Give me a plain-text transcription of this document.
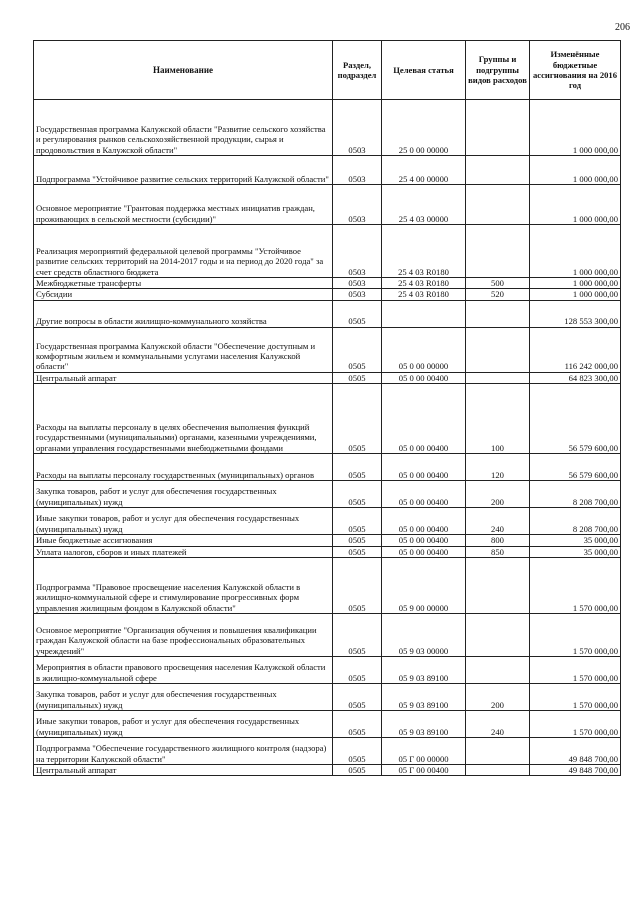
206
Наименование	Раздел, подраздел	Целевая статья	Группы и подгруппы видов расходов	Изменённые бюджетные ассигнования на 2016 год
Государственная программа Калужской области "Развитие сельского хозяйства и регулирования рынков сельскохозяйственной продукции, сырья и продовольствия в Калужской области"	0503	25 0 00 00000		1 000 000,00
Подпрограмма "Устойчивое развитие сельских территорий Калужской области"	0503	25 4 00 00000		1 000 000,00
Основное мероприятие "Грантовая поддержка местных инициатив граждан, проживающих в сельской местности (субсидии)"	0503	25 4 03 00000		1 000 000,00
Реализация мероприятий федеральной целевой программы "Устойчивое развитие сельских территорий на 2014-2017 годы и на период до 2020 года" за счет средств областного бюджета	0503	25 4 03 R0180		1 000 000,00
Межбюджетные трансферты	0503	25 4 03 R0180	500	1 000 000,00
Субсидии	0503	25 4 03 R0180	520	1 000 000,00
Другие вопросы в области жилищно-коммунального хозяйства	0505			128 553 300,00
Государственная программа Калужской области "Обеспечение доступным и комфортным жильем и коммунальными услугами населения Калужской области"	0505	05 0 00 00000		116 242 000,00
Центральный аппарат	0505	05 0 00 00400		64 823 300,00
Расходы на выплаты персоналу в целях обеспечения выполнения функций государственными (муниципальными) органами, казенными учреждениями, органами управления государственными внебюджетными фондами	0505	05 0 00 00400	100	56 579 600,00
Расходы на выплаты персоналу государственных (муниципальных) органов	0505	05 0 00 00400	120	56 579 600,00
Закупка товаров, работ и услуг для обеспечения государственных (муниципальных) нужд	0505	05 0 00 00400	200	8 208 700,00
Иные закупки товаров, работ и услуг для обеспечения государственных (муниципальных) нужд	0505	05 0 00 00400	240	8 208 700,00
Иные бюджетные ассигнования	0505	05 0 00 00400	800	35 000,00
Уплата налогов, сборов и иных платежей	0505	05 0 00 00400	850	35 000,00
Подпрограмма "Правовое просвещение населения Калужской области в жилищно-коммунальной сфере и стимулирование прогрессивных форм управления жилищным фондом в Калужской области"	0505	05 9 00 00000		1 570 000,00
Основное мероприятие "Организация обучения и повышения квалификации граждан Калужской области на базе профессиональных образовательных учреждений"	0505	05 9 03 00000		1 570 000,00
Мероприятия в области правового просвещения населения Калужской области в жилищно-коммунальной сфере	0505	05 9 03 89100		1 570 000,00
Закупка товаров, работ и услуг для обеспечения государственных (муниципальных) нужд	0505	05 9 03 89100	200	1 570 000,00
Иные закупки товаров, работ и услуг для обеспечения государственных (муниципальных) нужд	0505	05 9 03 89100	240	1 570 000,00
Подпрограмма "Обеспечение государственного жилищного контроля (надзора) на территории Калужской области"	0505	05 Г 00 00000		49 848 700,00
Центральный аппарат	0505	05 Г 00 00400		49 848 700,00
